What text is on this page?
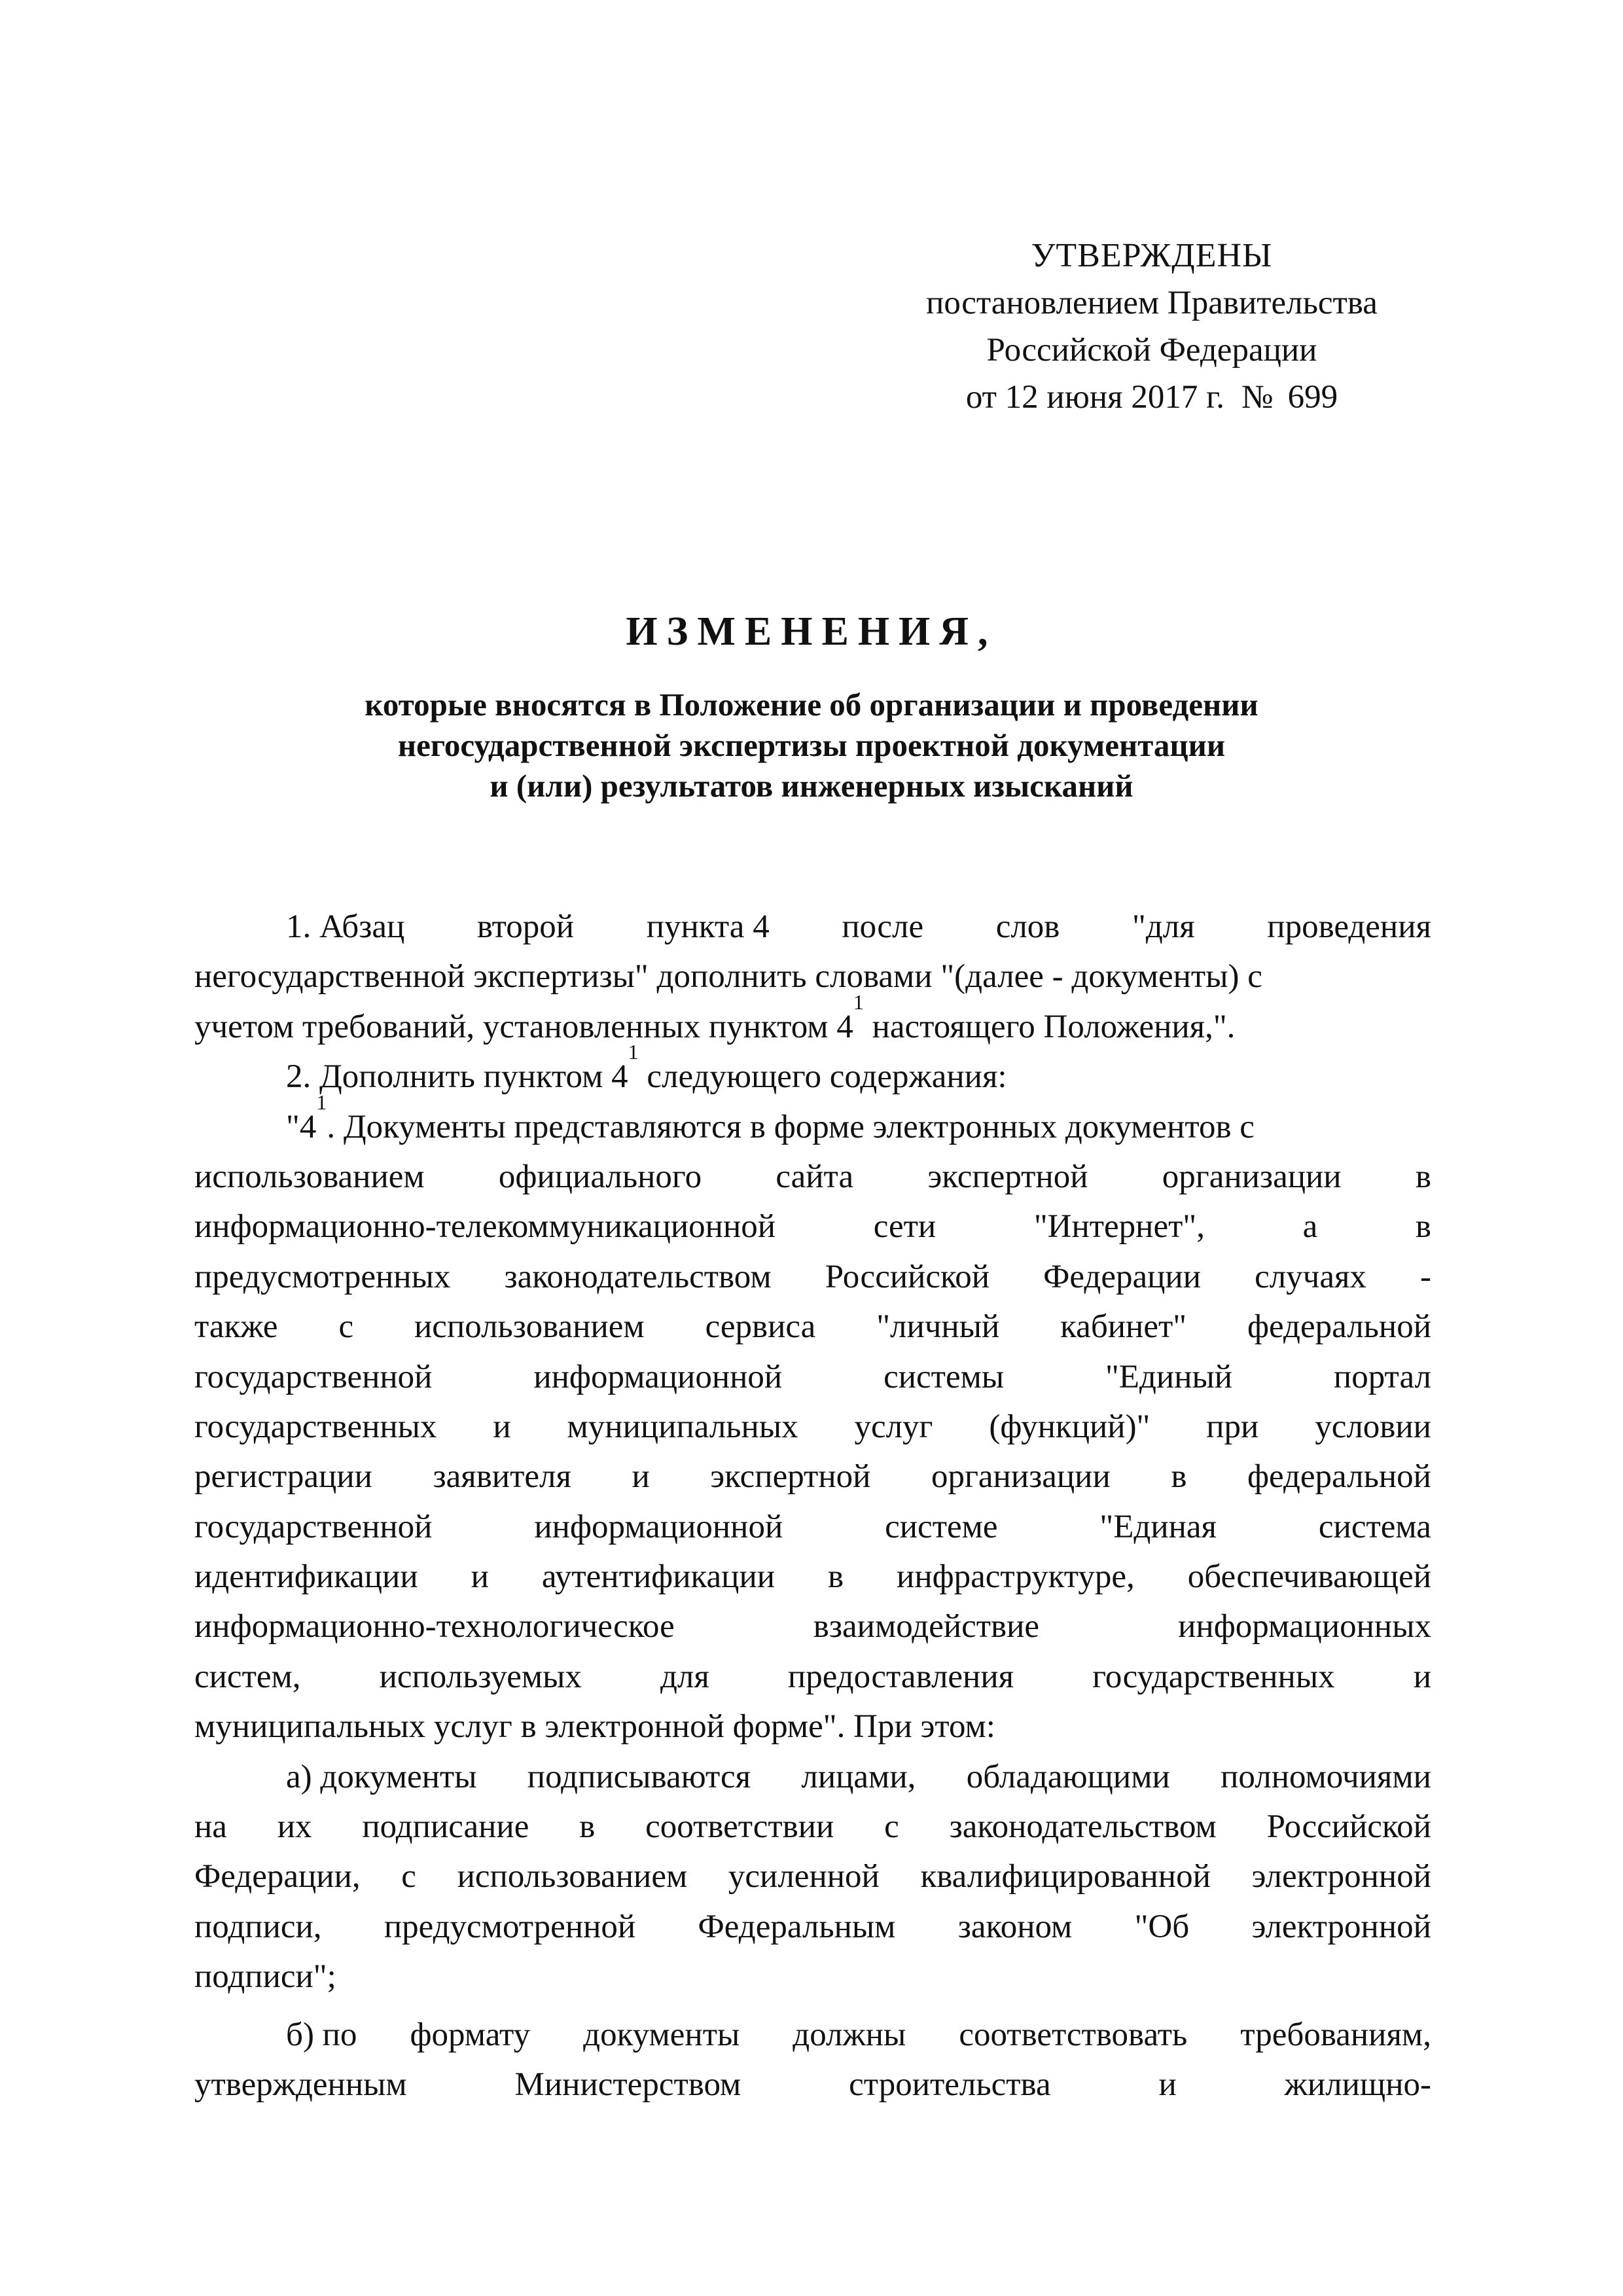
УТВЕРЖДЕНЫ
постановлением Правительства
Российской Федерации
от 12 июня 2017 г. № 699
ИЗМЕНЕНИЯ,
которые вносятся в Положение об организации и проведении
негосударственной экспертизы проектной документации
и (или) результатов инженерных изысканий
1. Абзац второй пункта 4 после слов "для проведения
негосударственной экспертизы" дополнить словами "(далее - документы) с
учетом требований, установленных пунктом 4
1
настоящего Положения,".
2. Дополнить пунктом 4
1
следующего содержания:
"4
1
. Документы представляются в форме электронных документов с
использованием официального сайта экспертной организации в
информационно-телекоммуникационной	сети	"Интернет",	а	в
предусмотренных законодательством Российской Федерации случаях -
также с использованием сервиса "личный кабинет" федеральной
государственной	информационной	системы	"Единый	портал
государственных и муниципальных услуг (функций)" при условии
регистрации заявителя и экспертной организации в федеральной
государственной	информационной	системе	"Единая	система
идентификации и аутентификации в инфраструктуре, обеспечивающей
информационно-технологическое	взаимодействие	информационных
систем, используемых для предоставления государственных и
муниципальных услуг в электронной форме". При этом:
а) документы подписываются лицами, обладающими полномочиями
на их подписание в соответствии с законодательством Российской
Федерации, с использованием усиленной квалифицированной электронной
подписи, предусмотренной Федеральным законом "Об электронной
подписи";
б) по формату документы должны соответствовать требованиям,
утвержденным	Министерством	строительства	и	жилищно-
